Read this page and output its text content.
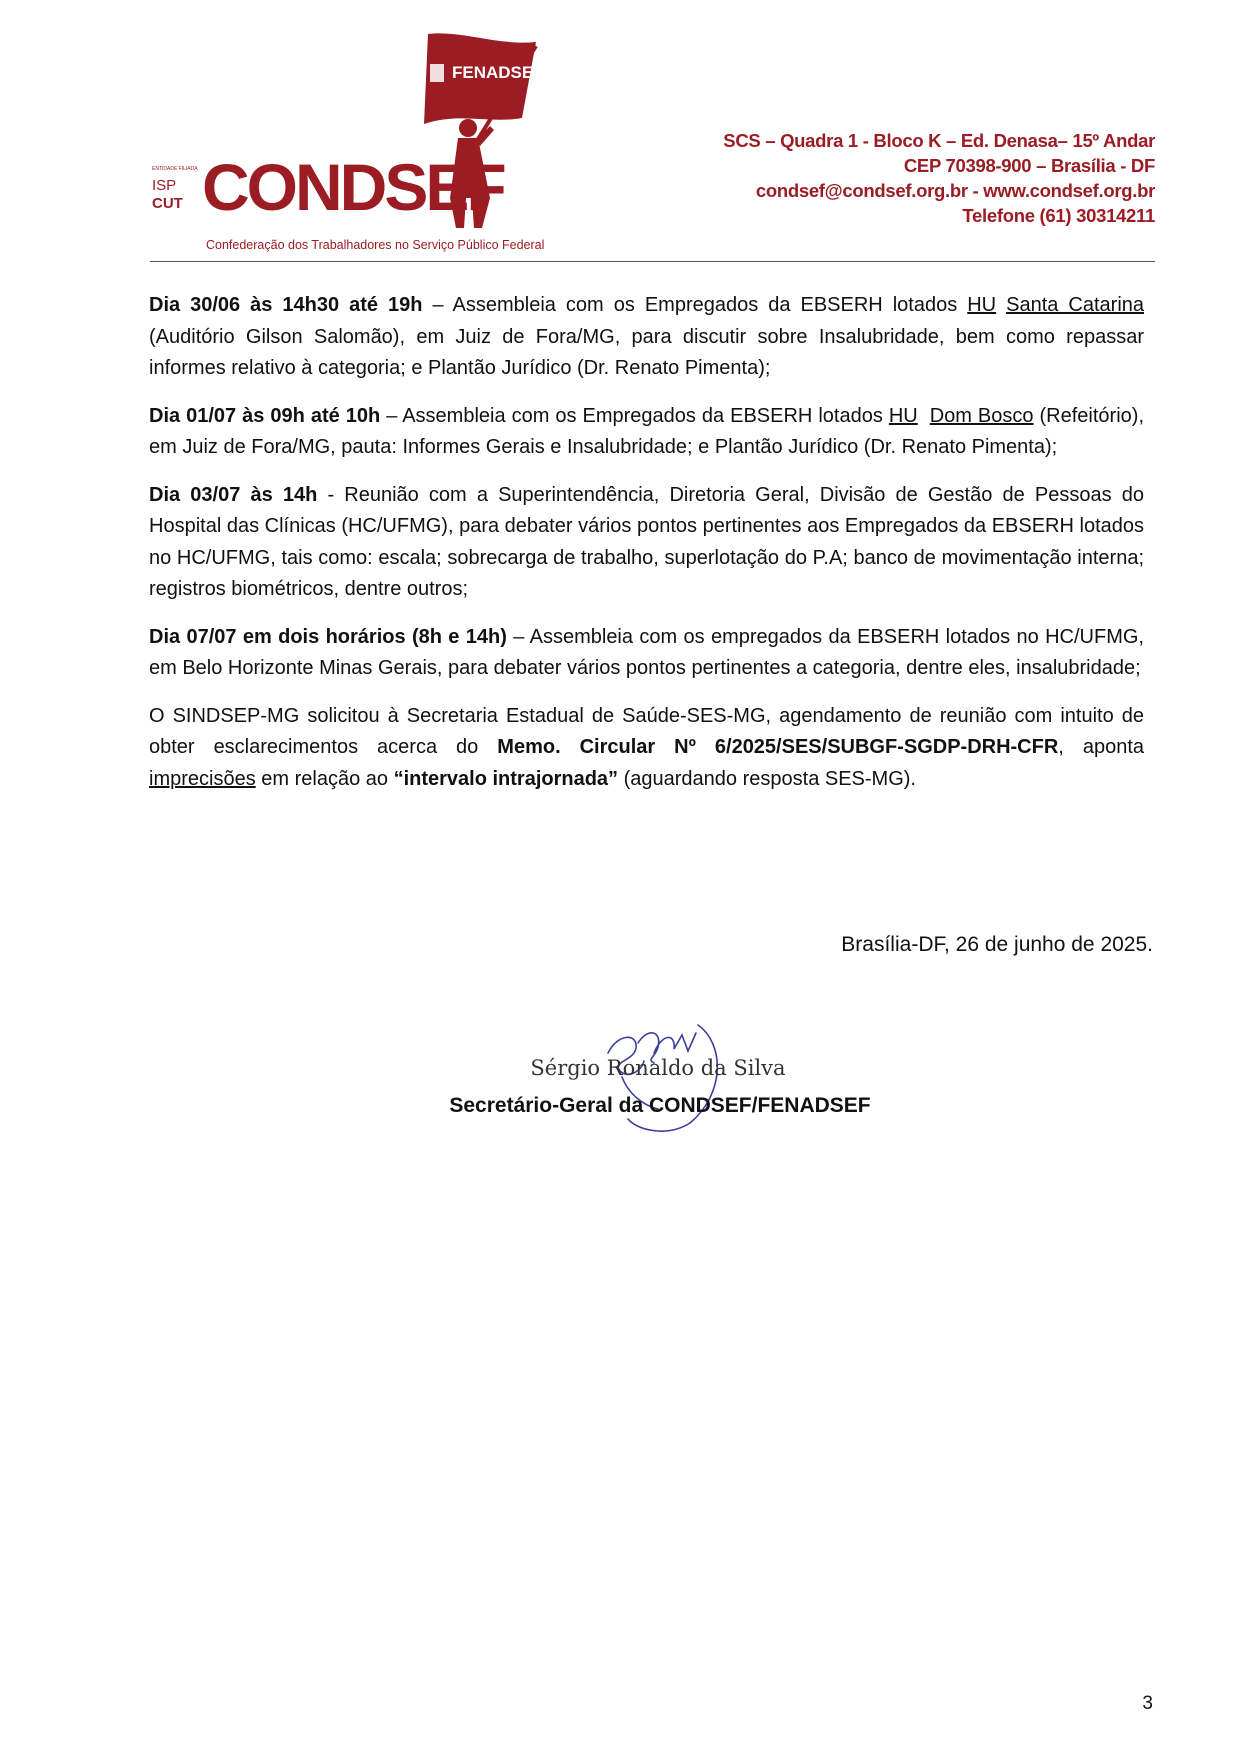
FENADSEF
CONDSEF
ENTIDADE FILIADA
ISP
CUT
Confederação dos Trabalhadores no Serviço Público Federal
SCS – Quadra 1 - Bloco K – Ed. Denasa– 15º Andar
CEP 70398-900 – Brasília - DF
condsef@condsef.org.br - www.condsef.org.br
Telefone (61) 30314211

Dia 30/06 às 14h30 até 19h – Assembleia com os Empregados da EBSERH lotados HU Santa Catarina (Auditório Gilson Salomão), em Juiz de Fora/MG, para discutir sobre Insalubridade, bem como repassar informes relativo à categoria; e Plantão Jurídico (Dr. Renato Pimenta);

Dia 01/07 às 09h até 10h – Assembleia com os Empregados da EBSERH lotados HU Dom Bosco (Refeitório), em Juiz de Fora/MG, pauta: Informes Gerais e Insalubridade; e Plantão Jurídico (Dr. Renato Pimenta);

Dia 03/07 às 14h - Reunião com a Superintendência, Diretoria Geral, Divisão de Gestão de Pessoas do Hospital das Clínicas (HC/UFMG), para debater vários pontos pertinentes aos Empregados da EBSERH lotados no HC/UFMG, tais como: escala; sobrecarga de trabalho, superlotação do P.A; banco de movimentação interna; registros biométricos, dentre outros;

Dia 07/07 em dois horários (8h e 14h) – Assembleia com os empregados da EBSERH lotados no HC/UFMG, em Belo Horizonte Minas Gerais, para debater vários pontos pertinentes a categoria, dentre eles, insalubridade;

O SINDSEP-MG solicitou à Secretaria Estadual de Saúde-SES-MG, agendamento de reunião com intuito de obter esclarecimentos acerca do Memo. Circular Nº 6/2025/SES/SUBGF-SGDP-DRH-CFR, aponta imprecisões em relação ao “intervalo intrajornada” (aguardando resposta SES-MG).

Brasília-DF, 26 de junho de 2025.
Sérgio Ronaldo da Silva
Secretário-Geral da CONDSEF/FENADSEF
3
